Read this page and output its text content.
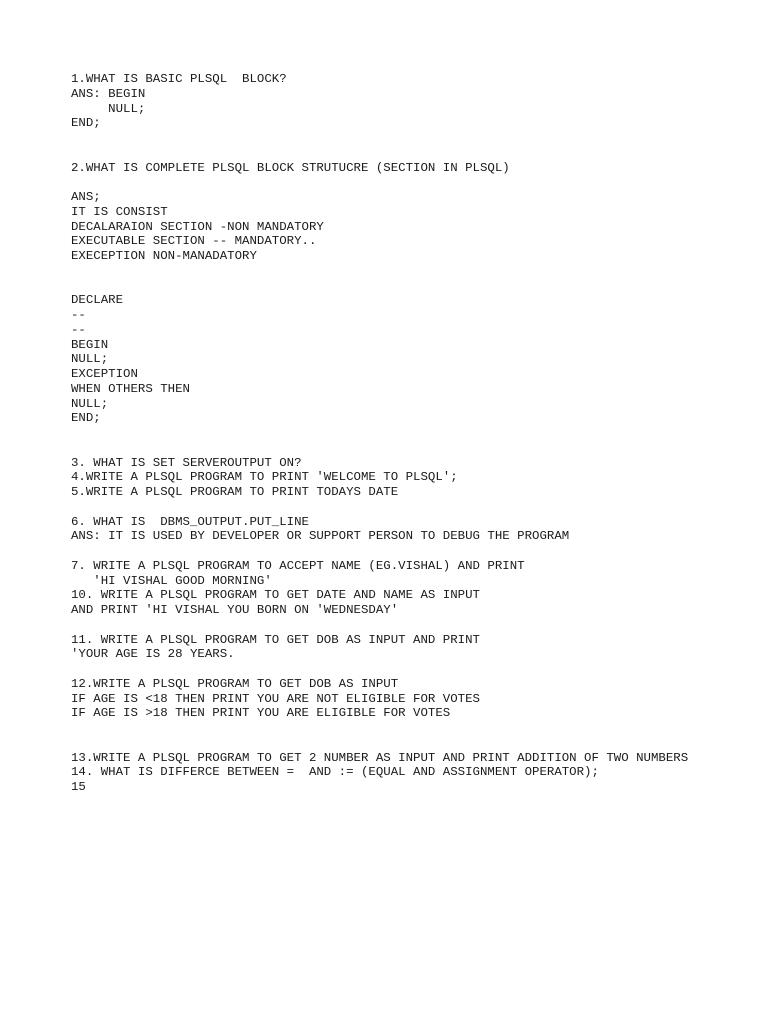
1.WHAT IS BASIC PLSQL  BLOCK?
ANS: BEGIN
NULL;
END;
2.WHAT IS COMPLETE PLSQL BLOCK STRUTUCRE (SECTION IN PLSQL)
ANS;
IT IS CONSIST
DECALARAION SECTION -NON MANDATORY
EXECUTABLE SECTION -- MANDATORY..
EXECEPTION NON-MANADATORY
DECLARE
--
--
BEGIN
NULL;
EXCEPTION
WHEN OTHERS THEN
NULL;
END;
3. WHAT IS SET SERVEROUTPUT ON?
4.WRITE A PLSQL PROGRAM TO PRINT 'WELCOME TO PLSQL';
5.WRITE A PLSQL PROGRAM TO PRINT TODAYS DATE
6. WHAT IS  DBMS_OUTPUT.PUT_LINE
ANS: IT IS USED BY DEVELOPER OR SUPPORT PERSON TO DEBUG THE PROGRAM
7. WRITE A PLSQL PROGRAM TO ACCEPT NAME (EG.VISHAL) AND PRINT
'HI VISHAL GOOD MORNING'
10. WRITE A PLSQL PROGRAM TO GET DATE AND NAME AS INPUT
AND PRINT 'HI VISHAL YOU BORN ON 'WEDNESDAY'
11. WRITE A PLSQL PROGRAM TO GET DOB AS INPUT AND PRINT
'YOUR AGE IS 28 YEARS.
12.WRITE A PLSQL PROGRAM TO GET DOB AS INPUT
IF AGE IS <18 THEN PRINT YOU ARE NOT ELIGIBLE FOR VOTES
IF AGE IS >18 THEN PRINT YOU ARE ELIGIBLE FOR VOTES
13.WRITE A PLSQL PROGRAM TO GET 2 NUMBER AS INPUT AND PRINT ADDITION OF TWO NUMBERS
14. WHAT IS DIFFERCE BETWEEN =  AND := (EQUAL AND ASSIGNMENT OPERATOR);
15
